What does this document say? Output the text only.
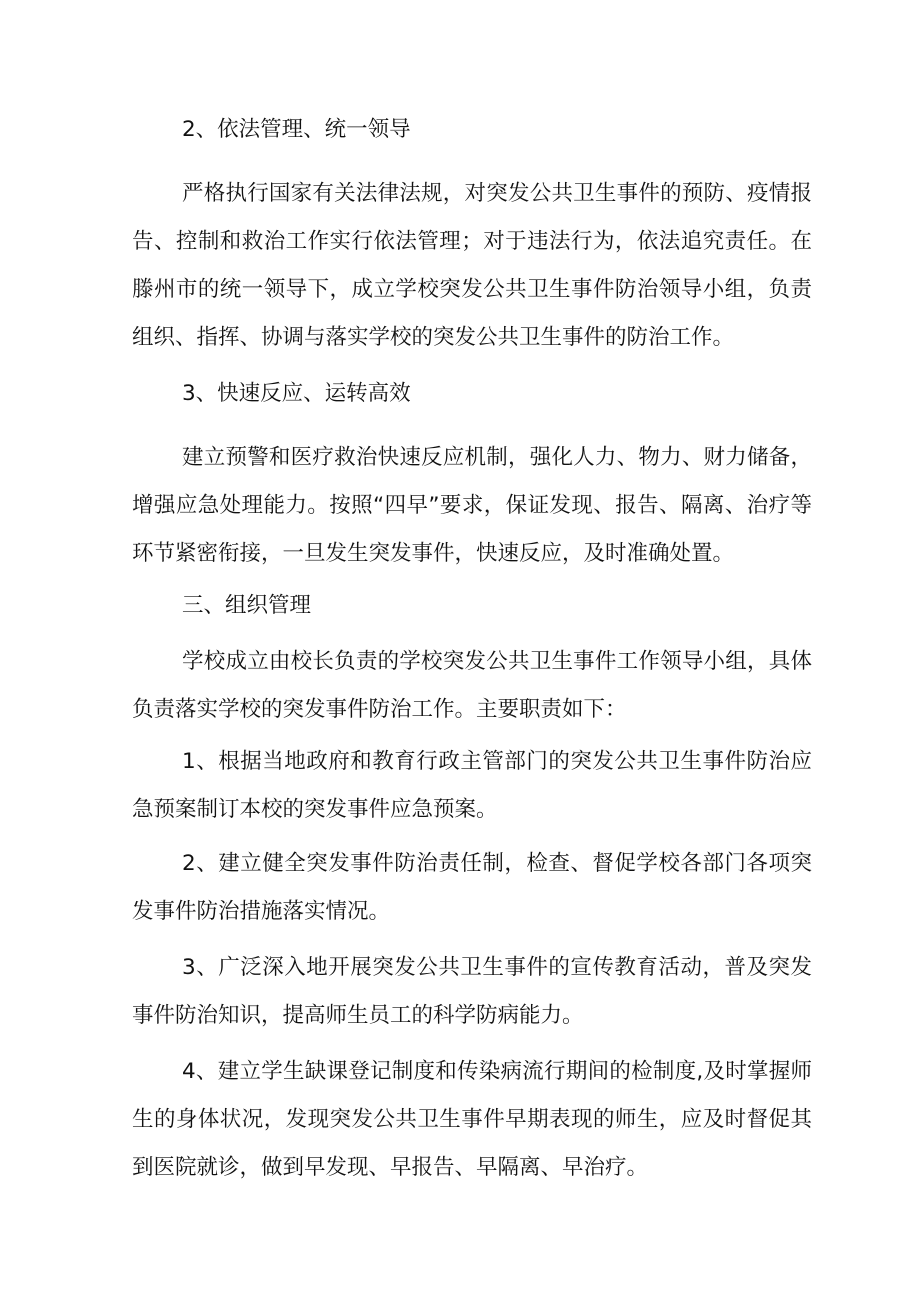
2、依法管理、统一领导

严格执行国家有关法律法规，对突发公共卫生事件的预防、疫情报告、控制和救治工作实行依法管理；对于违法行为，依法追究责任。在滕州市的统一领导下，成立学校突发公共卫生事件防治领导小组，负责组织、指挥、协调与落实学校的突发公共卫生事件的防治工作。

3、快速反应、运转高效

建立预警和医疗救治快速反应机制，强化人力、物力、财力储备，增强应急处理能力。按照“四早”要求，保证发现、报告、隔离、治疗等环节紧密衔接，一旦发生突发事件，快速反应，及时准确处置。

三、组织管理

学校成立由校长负责的学校突发公共卫生事件工作领导小组，具体负责落实学校的突发事件防治工作。主要职责如下：

1、根据当地政府和教育行政主管部门的突发公共卫生事件防治应急预案制订本校的突发事件应急预案。

2、建立健全突发事件防治责任制，检查、督促学校各部门各项突发事件防治措施落实情况。

3、广泛深入地开展突发公共卫生事件的宣传教育活动，普及突发事件防治知识，提高师生员工的科学防病能力。

4、建立学生缺课登记制度和传染病流行期间的检制度,及时掌握师生的身体状况，发现突发公共卫生事件早期表现的师生，应及时督促其到医院就诊，做到早发现、早报告、早隔离、早治疗。
